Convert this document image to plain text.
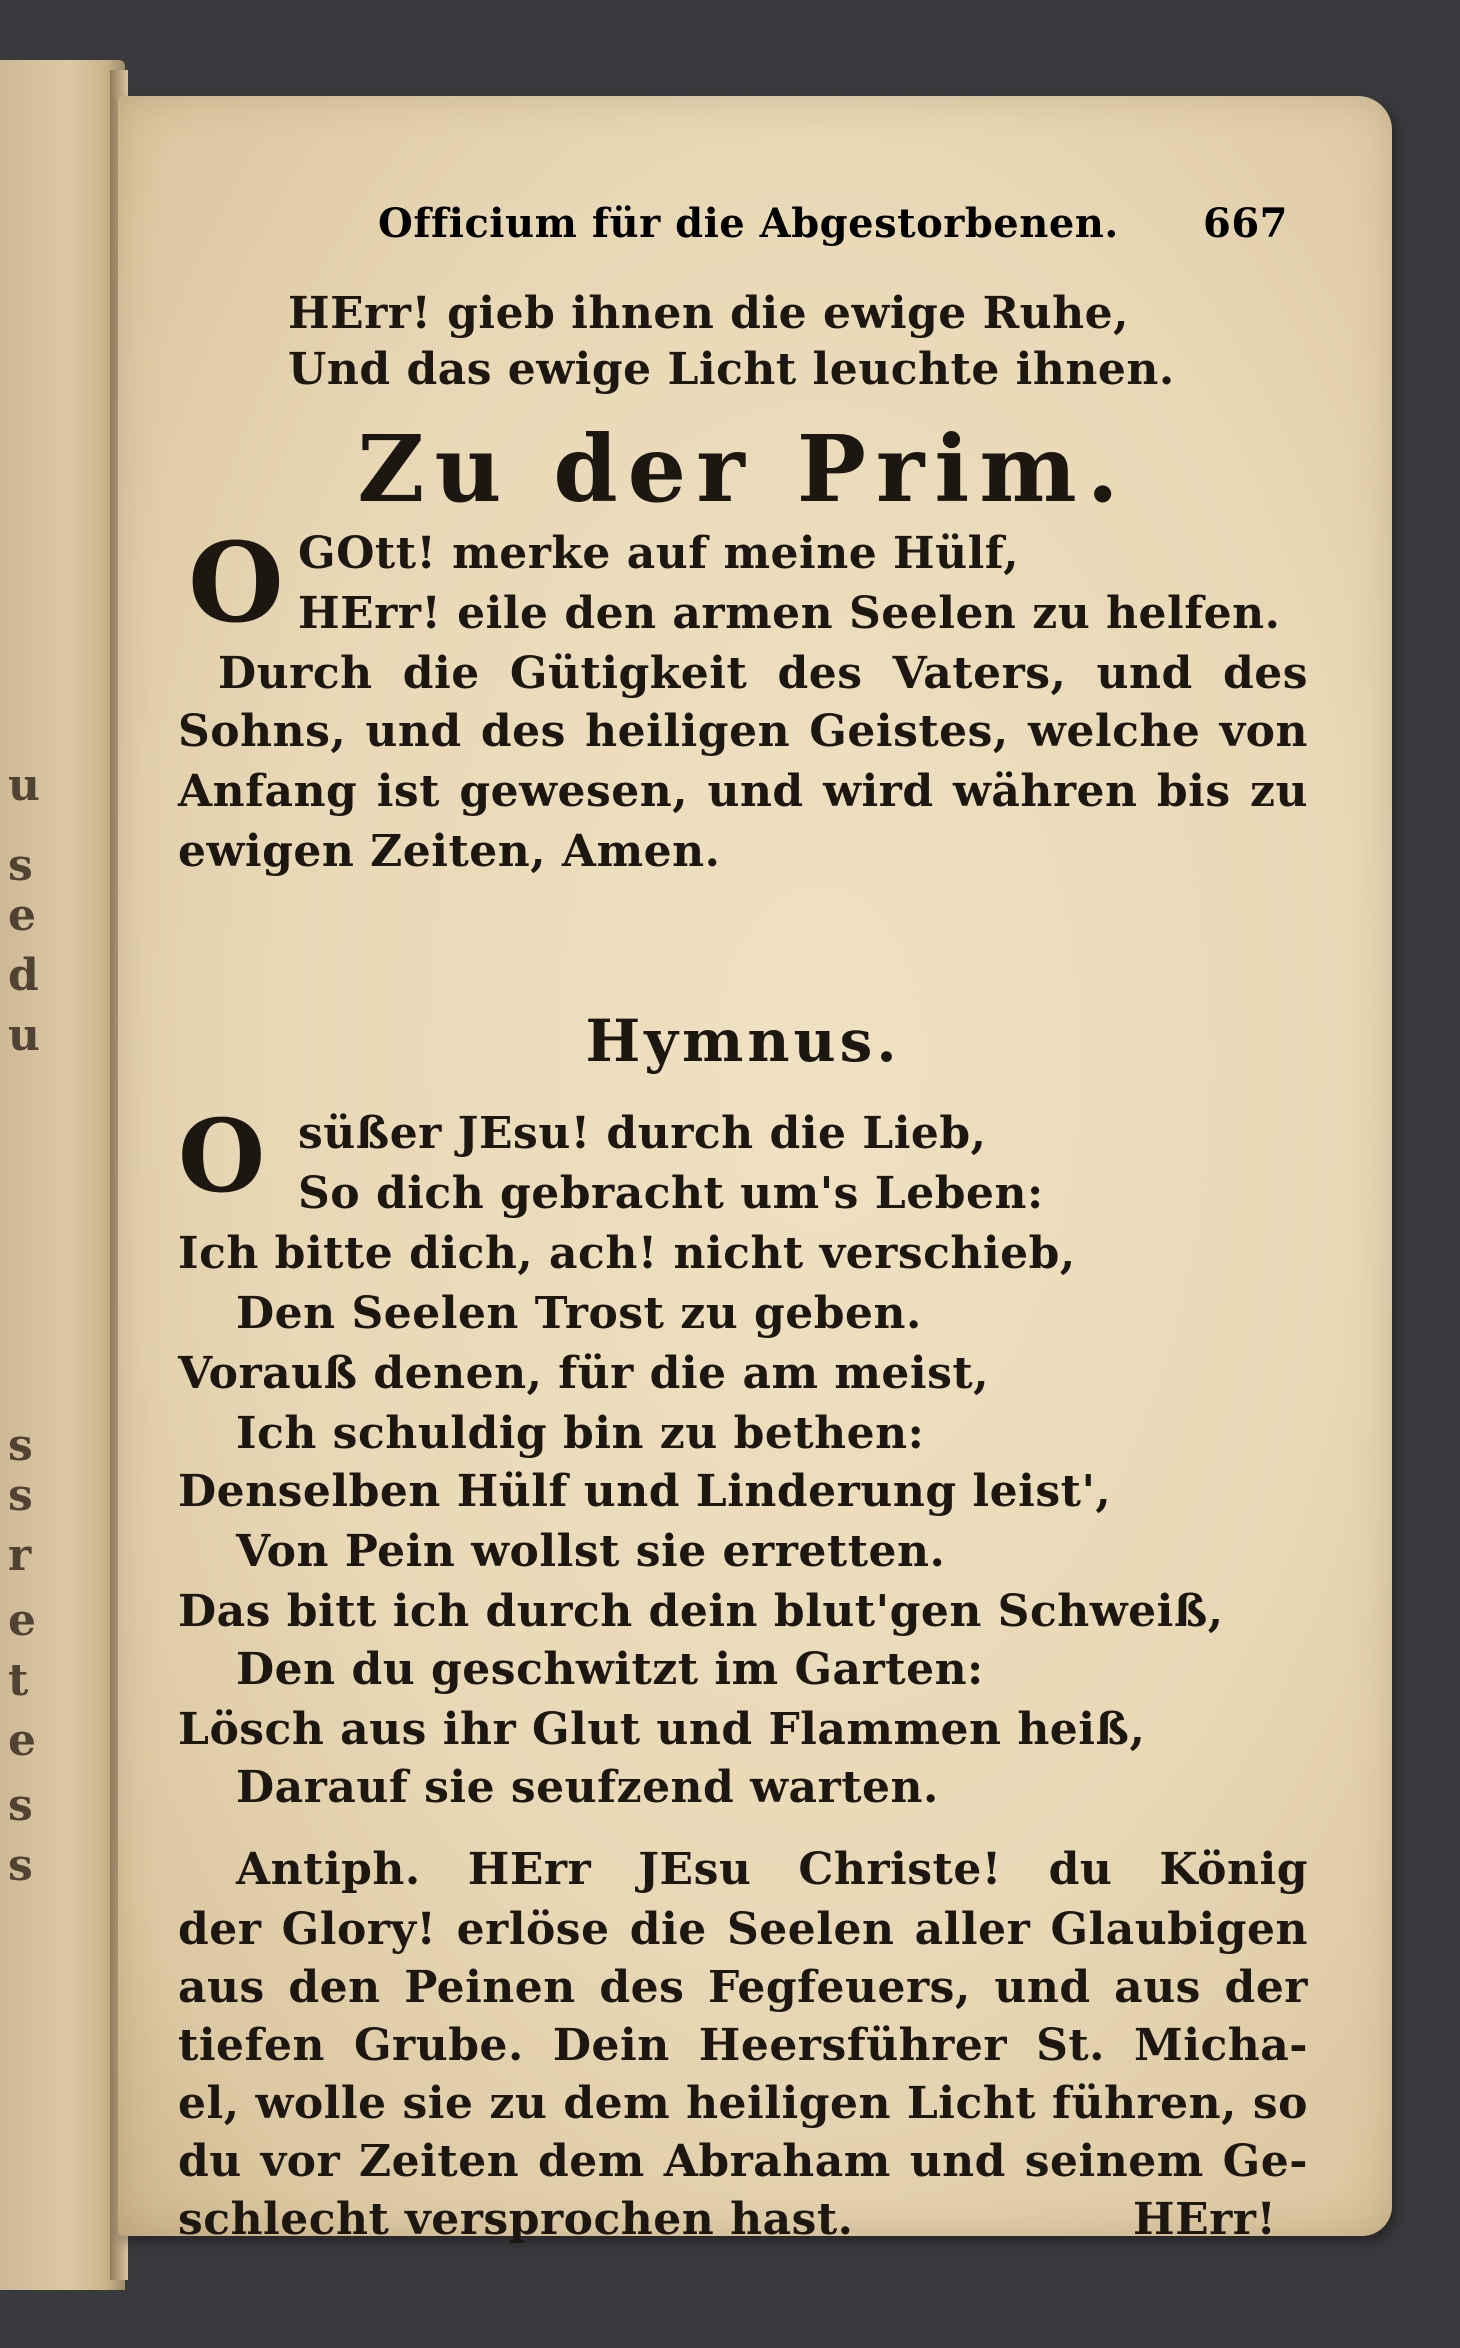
u
s
e
d
u
s
s
r
e
t
e
s
s
Officium für die Abgestorbenen. 667
HErr! gieb ihnen die ewige Ruhe,
Und das ewige Licht leuchte ihnen.
Zu der Prim.
O GOtt! merke auf meine Hülf,
HErr! eile den armen Seelen zu helfen.
Durch die Gütigkeit des Vaters, und des
Sohns, und des heiligen Geistes, welche von
Anfang ist gewesen, und wird währen bis zu
ewigen Zeiten, Amen.
Hymnus.
O süßer JEsu! durch die Lieb,
So dich gebracht um's Leben:
Ich bitte dich, ach! nicht verschieb,
Den Seelen Trost zu geben.
Vorauß denen, für die am meist,
Ich schuldig bin zu bethen:
Denselben Hülf und Linderung leist',
Von Pein wollst sie erretten.
Das bitt ich durch dein blut'gen Schweiß,
Den du geschwitzt im Garten:
Lösch aus ihr Glut und Flammen heiß,
Darauf sie seufzend warten.
Antiph. HErr JEsu Christe! du König
der Glory! erlöse die Seelen aller Glaubigen
aus den Peinen des Fegfeuers, und aus der
tiefen Grube. Dein Heersführer St. Micha-
el, wolle sie zu dem heiligen Licht führen, so
du vor Zeiten dem Abraham und seinem Ge-
schlecht versprochen hast.	HErr!
